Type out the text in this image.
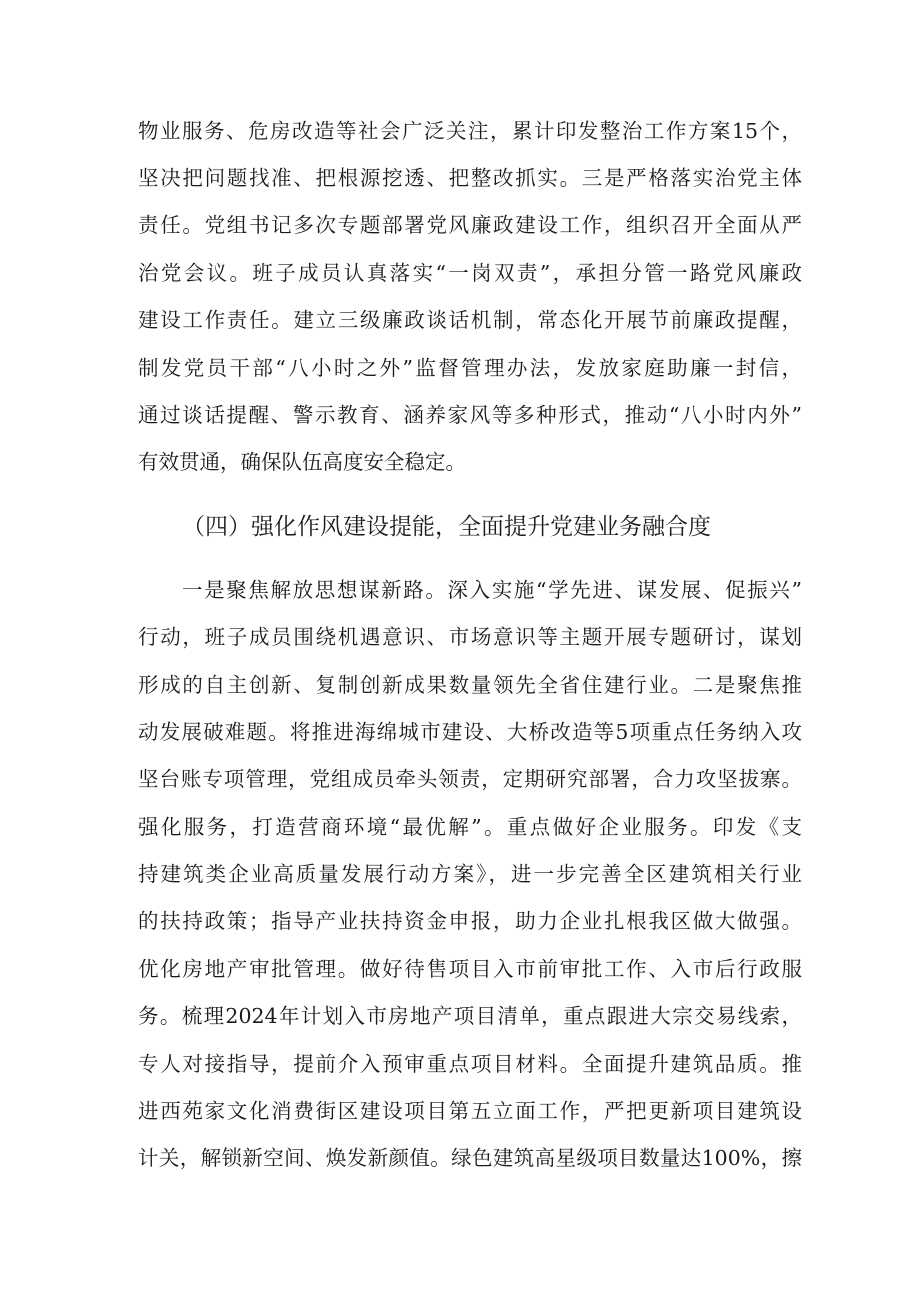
物业服务、危房改造等社会广泛关注，累计印发整治工作方案15个，
坚决把问题找准、把根源挖透、把整改抓实。三是严格落实治党主体
责任。党组书记多次专题部署党风廉政建设工作，组织召开全面从严
治党会议。班子成员认真落实“一岗双责”，承担分管一路党风廉政
建设工作责任。建立三级廉政谈话机制，常态化开展节前廉政提醒，
制发党员干部“八小时之外”监督管理办法，发放家庭助廉一封信，
通过谈话提醒、警示教育、涵养家风等多种形式，推动“八小时内外”
有效贯通，确保队伍高度安全稳定。
（四）强化作风建设提能，全面提升党建业务融合度
一是聚焦解放思想谋新路。深入实施“学先进、谋发展、促振兴”
行动，班子成员围绕机遇意识、市场意识等主题开展专题研讨，谋划
形成的自主创新、复制创新成果数量领先全省住建行业。二是聚焦推
动发展破难题。将推进海绵城市建设、大桥改造等5项重点任务纳入攻
坚台账专项管理，党组成员牵头领责，定期研究部署，合力攻坚拔寨。
强化服务，打造营商环境“最优解”。重点做好企业服务。印发《支
持建筑类企业高质量发展行动方案》，进一步完善全区建筑相关行业
的扶持政策；指导产业扶持资金申报，助力企业扎根我区做大做强。
优化房地产审批管理。做好待售项目入市前审批工作、入市后行政服
务。梳理2024年计划入市房地产项目清单，重点跟进大宗交易线索，
专人对接指导，提前介入预审重点项目材料。全面提升建筑品质。推
进西苑家文化消费街区建设项目第五立面工作，严把更新项目建筑设
计关，解锁新空间、焕发新颜值。绿色建筑高星级项目数量达100%，擦
